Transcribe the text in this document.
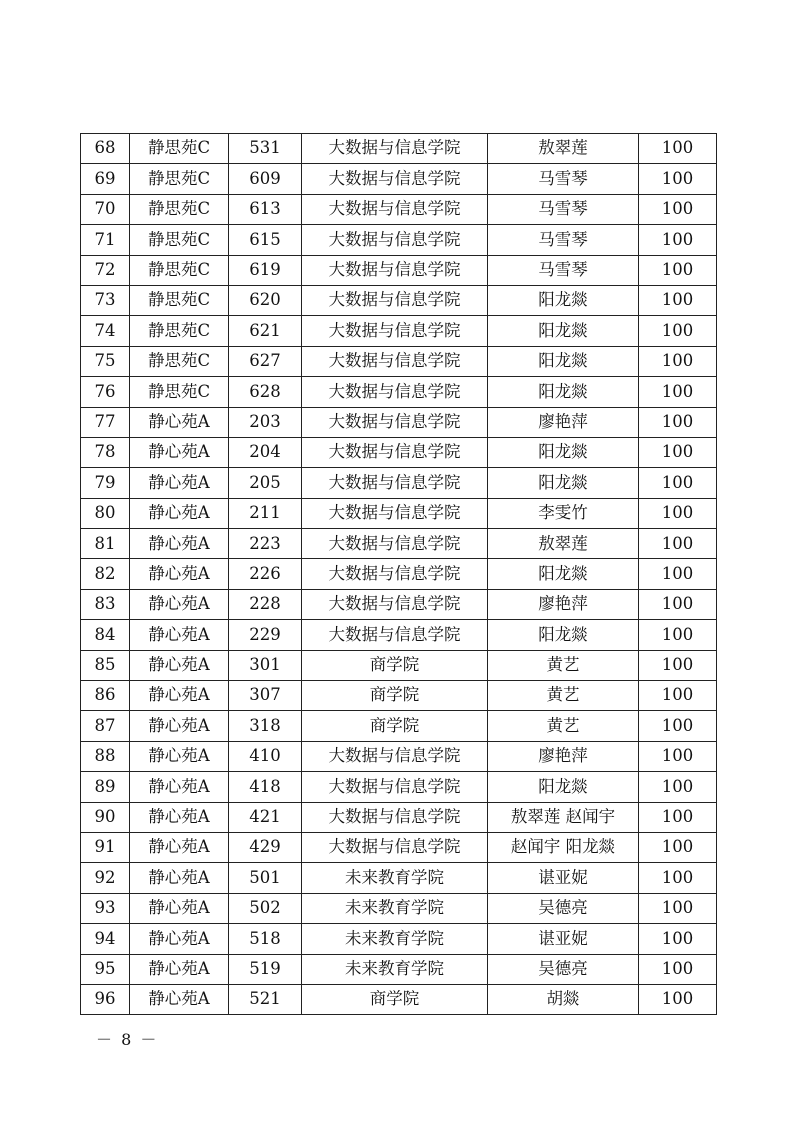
68	静思苑C	531	大数据与信息学院	敖翠莲	100
69	静思苑C	609	大数据与信息学院	马雪琴	100
70	静思苑C	613	大数据与信息学院	马雪琴	100
71	静思苑C	615	大数据与信息学院	马雪琴	100
72	静思苑C	619	大数据与信息学院	马雪琴	100
73	静思苑C	620	大数据与信息学院	阳龙燚	100
74	静思苑C	621	大数据与信息学院	阳龙燚	100
75	静思苑C	627	大数据与信息学院	阳龙燚	100
76	静思苑C	628	大数据与信息学院	阳龙燚	100
77	静心苑A	203	大数据与信息学院	廖艳萍	100
78	静心苑A	204	大数据与信息学院	阳龙燚	100
79	静心苑A	205	大数据与信息学院	阳龙燚	100
80	静心苑A	211	大数据与信息学院	李雯竹	100
81	静心苑A	223	大数据与信息学院	敖翠莲	100
82	静心苑A	226	大数据与信息学院	阳龙燚	100
83	静心苑A	228	大数据与信息学院	廖艳萍	100
84	静心苑A	229	大数据与信息学院	阳龙燚	100
85	静心苑A	301	商学院	黄艺	100
86	静心苑A	307	商学院	黄艺	100
87	静心苑A	318	商学院	黄艺	100
88	静心苑A	410	大数据与信息学院	廖艳萍	100
89	静心苑A	418	大数据与信息学院	阳龙燚	100
90	静心苑A	421	大数据与信息学院	敖翠莲 赵闻宇	100
91	静心苑A	429	大数据与信息学院	赵闻宇 阳龙燚	100
92	静心苑A	501	未来教育学院	谌亚妮	100
93	静心苑A	502	未来教育学院	吴德亮	100
94	静心苑A	518	未来教育学院	谌亚妮	100
95	静心苑A	519	未来教育学院	吴德亮	100
96	静心苑A	521	商学院	胡燚	100
－ 8 －
